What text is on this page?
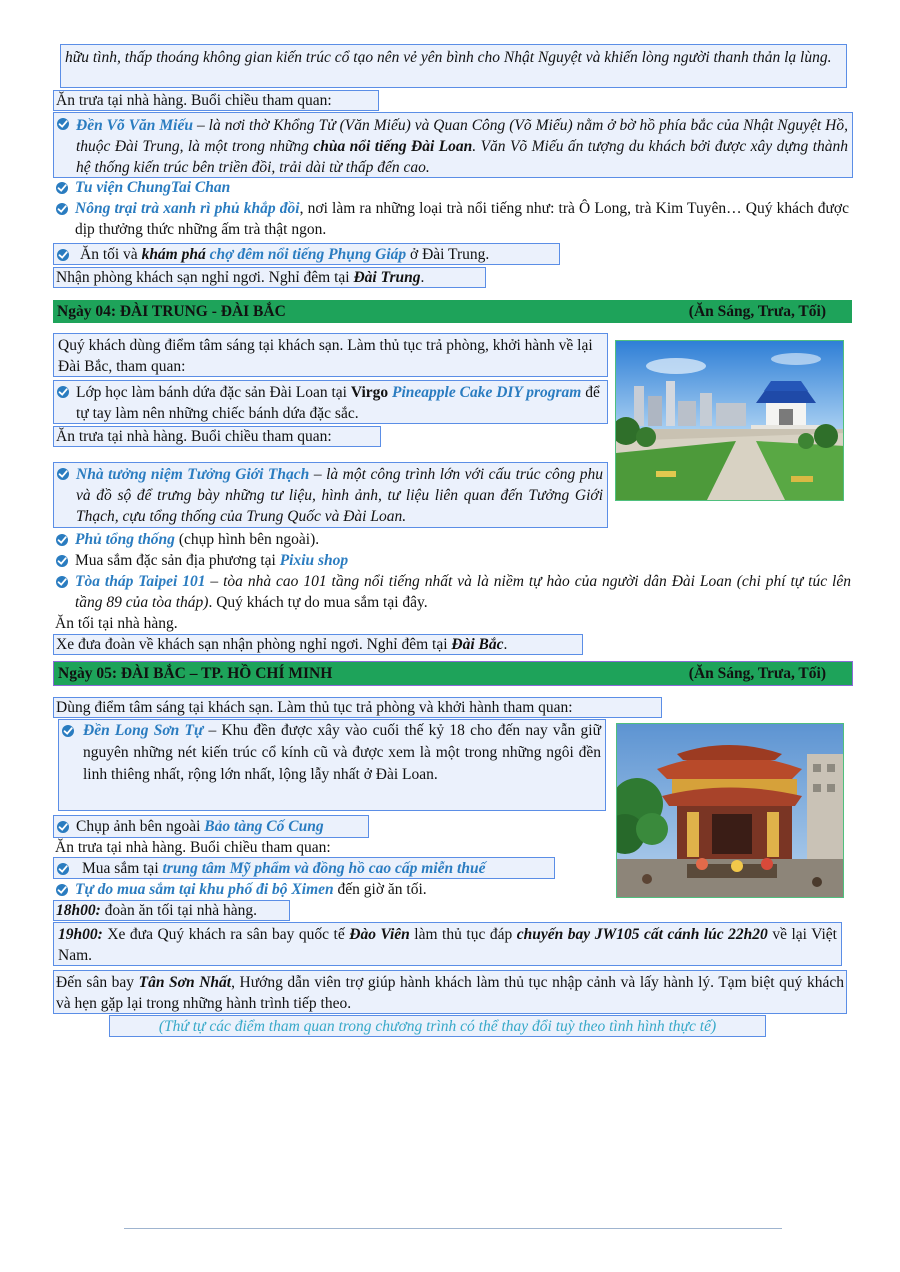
hữu tình, thấp thoáng không gian kiến trúc cổ tạo nên vẻ yên bình cho Nhật Nguyệt và khiến lòng người thanh thản lạ lùng.
Ăn trưa tại nhà hàng. Buổi chiều tham quan:
Đền Võ Văn Miếu – là nơi thờ Khổng Tử (Văn Miếu) và Quan Công (Võ Miếu) nằm ở bờ hồ phía bắc của Nhật Nguyệt Hồ, thuộc Đài Trung, là một trong những chùa nổi tiếng Đài Loan. Văn Võ Miếu ấn tượng du khách bởi được xây dựng thành hệ thống kiến trúc bên triền đồi, trải dài từ thấp đến cao.
Tu viện ChungTai Chan
Nông trại trà xanh rì phủ khắp đồi, nơi làm ra những loại trà nổi tiếng như: trà Ô Long, trà Kim Tuyên… Quý khách được dịp thưởng thức những ấm trà thật ngon.
Ăn tối và khám phá chợ đêm nổi tiếng Phụng Giáp ở Đài Trung.
Nhận phòng khách sạn nghỉ ngơi. Nghỉ đêm tại Đài Trung.
Ngày 04: ĐÀI TRUNG - ĐÀI BẮC	(Ăn Sáng, Trưa, Tối)
Quý khách dùng điểm tâm sáng tại khách sạn. Làm thủ tục trả phòng, khởi hành về lại Đài Bắc, tham quan:
Lớp học làm bánh dứa đặc sản Đài Loan tại Virgo Pineapple Cake DIY program để tự tay làm nên những chiếc bánh dứa đặc sắc.
Ăn trưa tại nhà hàng. Buổi chiều tham quan:
Nhà tưởng niệm Tưởng Giới Thạch – là một công trình lớn với cấu trúc công phu và đồ sộ để trưng bày những tư liệu, hình ảnh, tư liệu liên quan đến Tưởng Giới Thạch, cựu tổng thống của Trung Quốc và Đài Loan.
Phủ tổng thống (chụp hình bên ngoài).
Mua sắm đặc sản địa phương tại Pixiu shop
Tòa tháp Taipei 101 – tòa nhà cao 101 tầng nổi tiếng nhất và là niềm tự hào của người dân Đài Loan (chi phí tự túc lên tầng 89 của tòa tháp). Quý khách tự do mua sắm tại đây.
Ăn tối tại nhà hàng.
Xe đưa đoàn về khách sạn nhận phòng nghỉ ngơi. Nghỉ đêm tại Đài Bắc.
Ngày 05: ĐÀI BẮC – TP. HỒ CHÍ MINH	(Ăn Sáng, Trưa, Tối)
Dùng điểm tâm sáng tại khách sạn. Làm thủ tục trả phòng và khởi hành tham quan:
Đền Long Sơn Tự – Khu đền được xây vào cuối thế kỷ 18 cho đến nay vẫn giữ nguyên những nét kiến trúc cổ kính cũ và được xem là một trong những ngôi đền linh thiêng nhất, rộng lớn nhất, lộng lẫy nhất ở Đài Loan.
Chụp ảnh bên ngoài Bảo tàng Cố Cung
Ăn trưa tại nhà hàng. Buổi chiều tham quan:
Mua sắm tại trung tâm Mỹ phẩm và đồng hồ cao cấp miễn thuế
Tự do mua sắm tại khu phố đi bộ Ximen đến giờ ăn tối.
18h00: đoàn ăn tối tại nhà hàng.
19h00: Xe đưa Quý khách ra sân bay quốc tế Đào Viên làm thủ tục đáp chuyến bay JW105 cất cánh lúc 22h20 về lại Việt Nam.
Đến sân bay Tân Sơn Nhất, Hướng dẫn viên trợ giúp hành khách làm thủ tục nhập cảnh và lấy hành lý. Tạm biệt quý khách và hẹn gặp lại trong những hành trình tiếp theo.
(Thứ tự các điểm tham quan trong chương trình có thể thay đổi tuỳ theo tình hình thực tế)
